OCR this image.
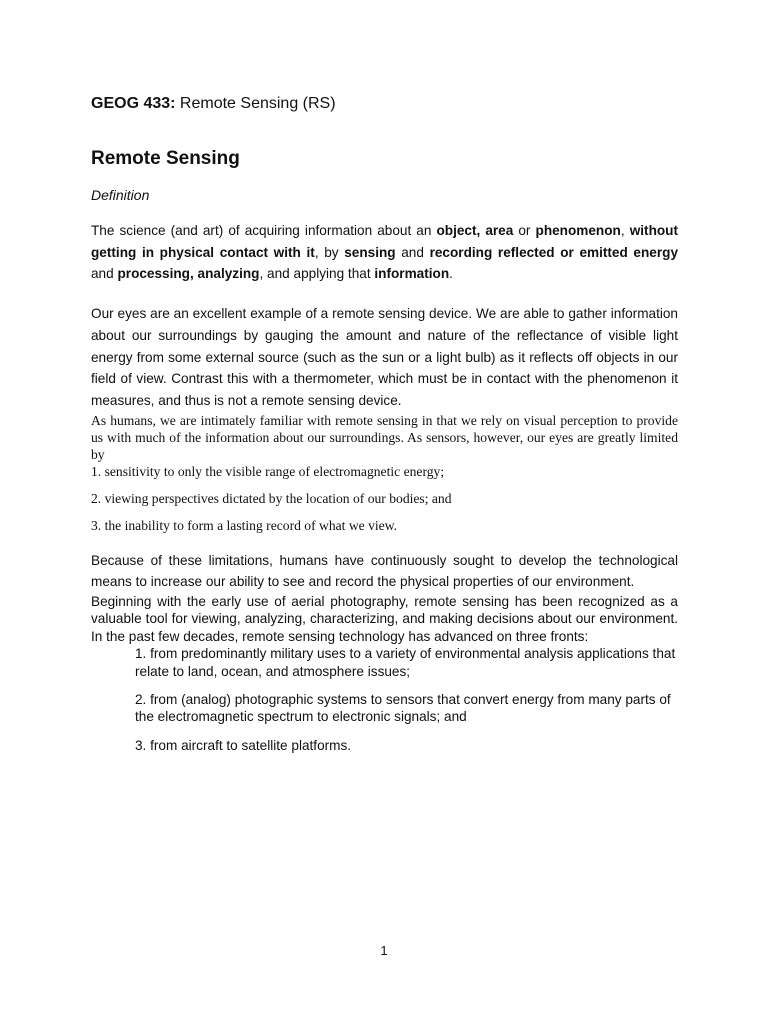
GEOG 433: Remote Sensing (RS)

Remote Sensing

Definition

The science (and art) of acquiring information about an object, area or phenomenon, without getting in physical contact with it, by sensing and recording reflected or emitted energy and processing, analyzing, and applying that information.

Our eyes are an excellent example of a remote sensing device. We are able to gather information about our surroundings by gauging the amount and nature of the reflectance of visible light energy from some external source (such as the sun or a light bulb) as it reflects off objects in our field of view. Contrast this with a thermometer, which must be in contact with the phenomenon it measures, and thus is not a remote sensing device.

As humans, we are intimately familiar with remote sensing in that we rely on visual perception to provide us with much of the information about our surroundings. As sensors, however, our eyes are greatly limited by

1. sensitivity to only the visible range of electromagnetic energy;

2. viewing perspectives dictated by the location of our bodies; and

3. the inability to form a lasting record of what we view.

Because of these limitations, humans have continuously sought to develop the technological means to increase our ability to see and record the physical properties of our environment.

Beginning with the early use of aerial photography, remote sensing has been recognized as a valuable tool for viewing, analyzing, characterizing, and making decisions about our environment. In the past few decades, remote sensing technology has advanced on three fronts:

1. from predominantly military uses to a variety of environmental analysis applications that relate to land, ocean, and atmosphere issues;
2. from (analog) photographic systems to sensors that convert energy from many parts of the electromagnetic spectrum to electronic signals; and
3. from aircraft to satellite platforms.
1
